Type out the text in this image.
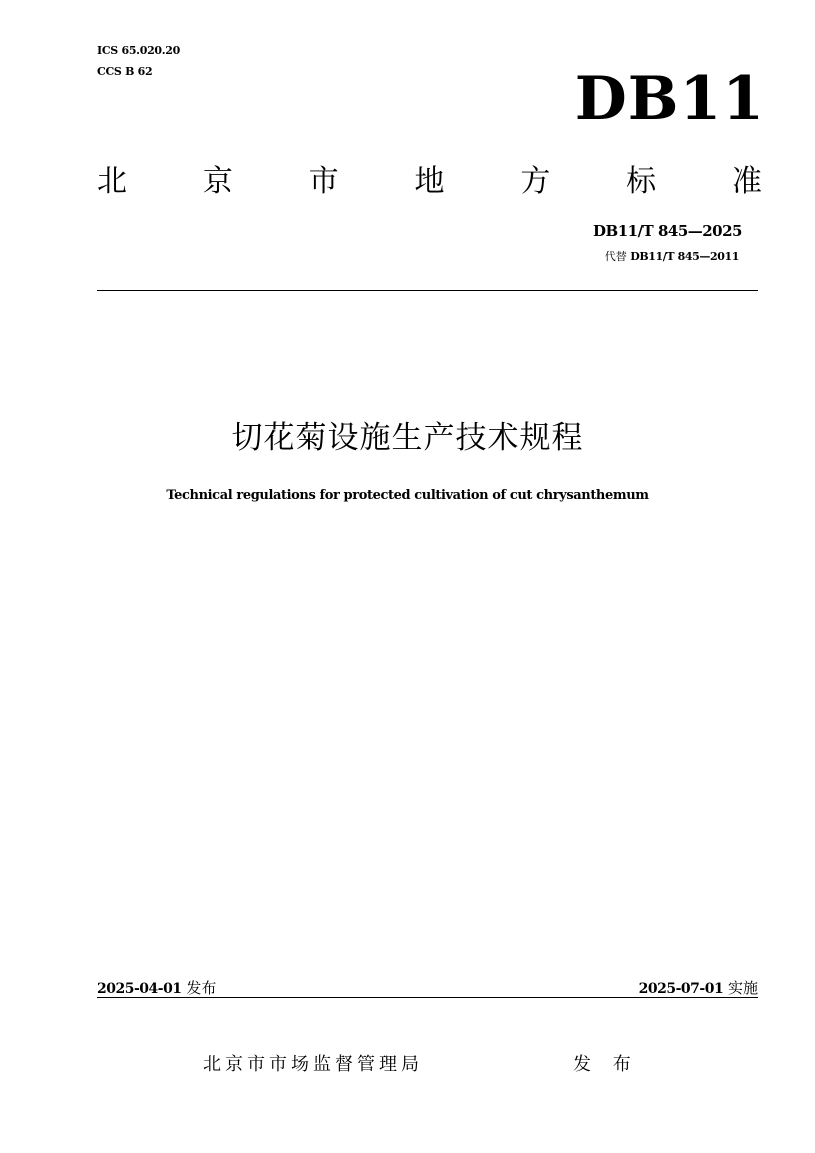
ICS 65.020.20
CCS B 62	DB11
北	京	市	地	方	标	准
DB11/T 845—2025
代替 DB11/T 845—2011
切花菊设施生产技术规程
Technical regulations for protected cultivation of cut chrysanthemum
2025-04-01 发布	2025-07-01 实施
北京市市场监督管理局	发 布
